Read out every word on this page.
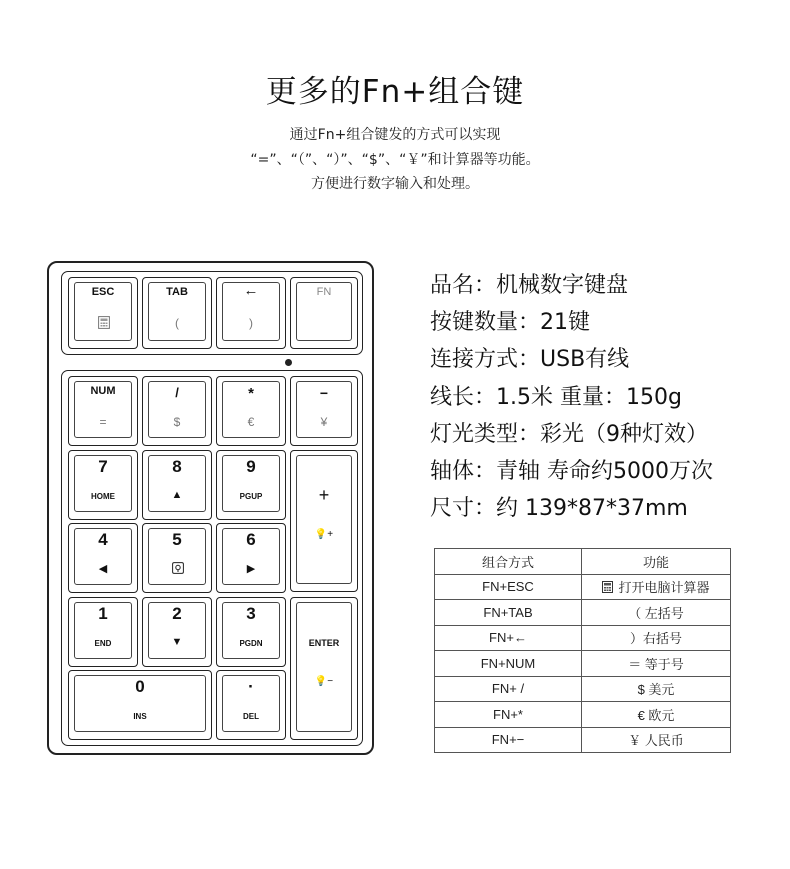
更多的Fn+组合键
通过Fn+组合键发的方式可以实现
“=”、“（”、“）”、“$”、“￥”和计算器等功能。
方便进行数字输入和处理。
ESC	TAB
(
←
)
FN
NUM
=
/
$
*
€
−
¥
7
HOME
8
▲
9
PGUP	+
💡+
4
◀
5	6
▶
1
END
2
▼
3
PGDN	ENTER
💡−
0
INS
·
DEL
品名：机械数字键盘
按键数量：21键
连接方式：USB有线
线长：1.5米 重量：150g
灯光类型：彩光（9种灯效）
轴体：青轴 寿命约5000万次
尺寸：约 139*87*37mm
组合方式	功能
FN+ESC	打开电脑计算器
FN+TAB	（ 左括号
FN+←	）右括号
FN+NUM	＝ 等于号
FN+ /	$ 美元
FN+*	€ 欧元
FN+−	￥ 人民币
